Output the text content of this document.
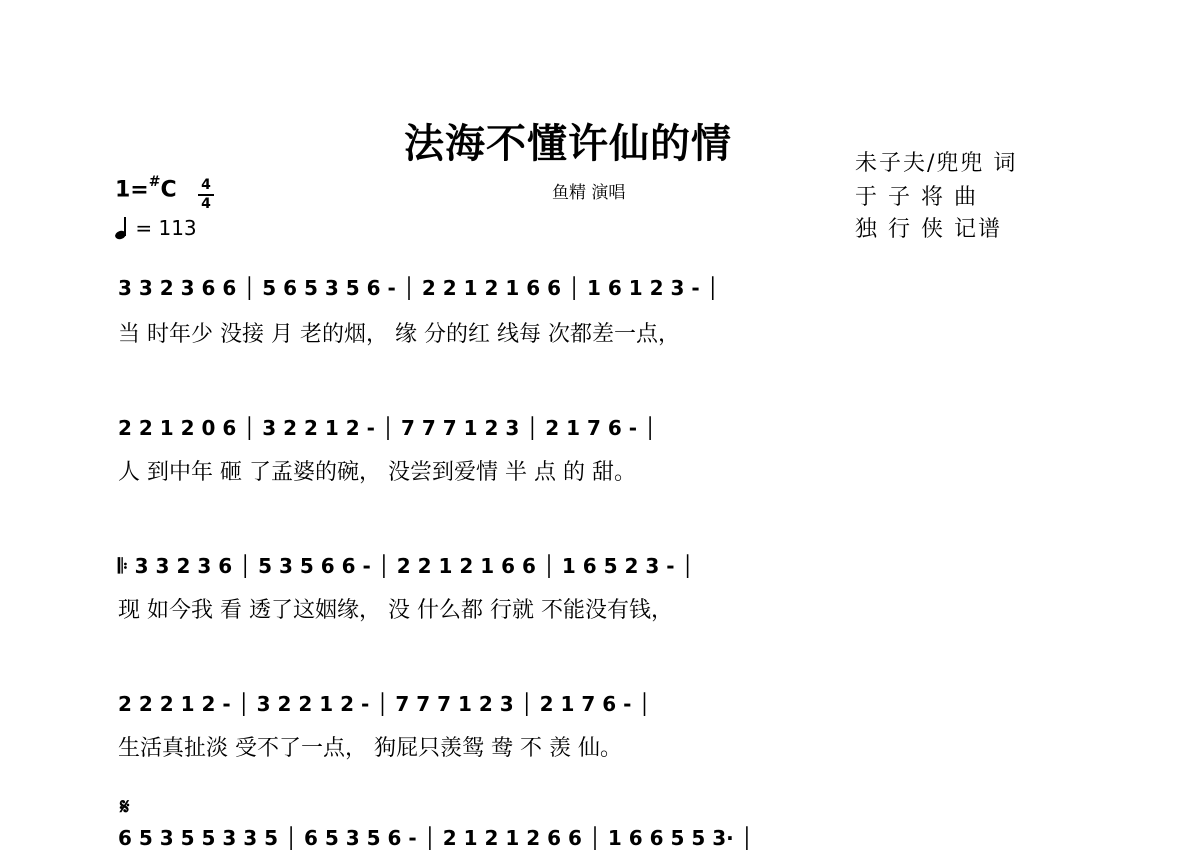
法海不懂许仙的情
鱼精 演唱
未子夫/兜兜 词
于 子 将 曲
独 行 侠 记谱
1=#C 4
4
= 113
3 3 2 3 6 6 │ 5 6 5 3 5 6 - │ 2 2 1 2 1 6 6 │ 1 6 1 2 3 - │
当 时年少 没接 月 老的烟， 缘 分的红 线每 次都差一点，
2 2 1 2 0 6 │ 3 2 2 1 2 - │ 7 7 7 1 2 3 │ 2 1 7 6 - │
人 到中年 砸 了孟婆的碗， 没尝到爱情 半 点 的 甜。
𝄆 3 3 2 3 6 │ 5 3 5 6 6 - │ 2 2 1 2 1 6 6 │ 1 6 5 2 3 - │
现 如今我 看 透了这姻缘， 没 什么都 行就 不能没有钱，
2 2 2 1 2 - │ 3 2 2 1 2 - │ 7 7 7 1 2 3 │ 2 1 7 6 - │
生活真扯淡 受不了一点， 狗屁只羡鸳 鸯 不 羡 仙。
𝄋
6 5 3 5 5 3 3 5 │ 6 5 3 5 6 - │ 2 1 2 1 2 6 6 │ 1 6 6 5 5 3· │
